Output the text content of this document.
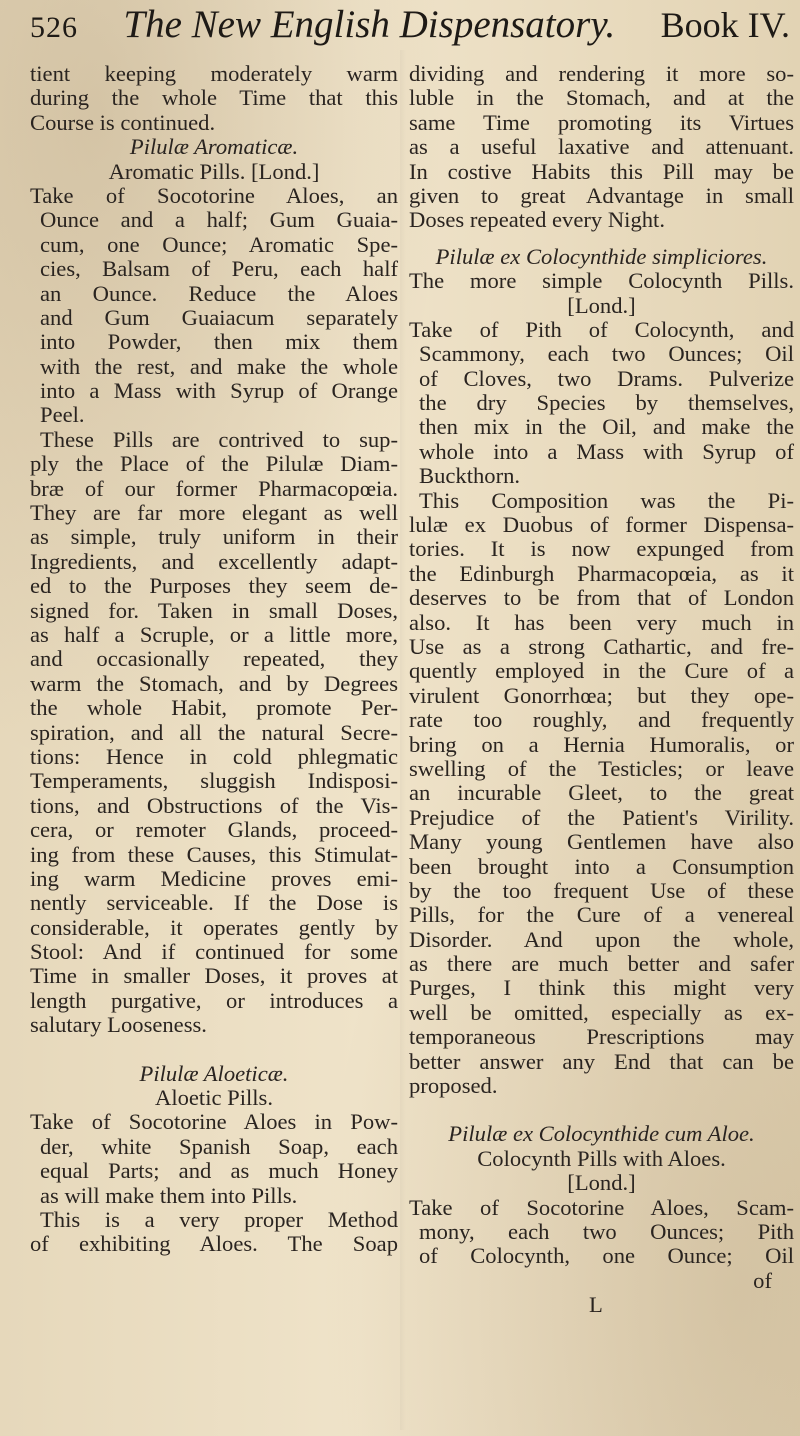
526	The New English Dispensatory.	Book IV.
tient keeping moderately warm
during the whole Time that this
Course is continued.
Pilulæ Aromaticæ.
Aromatic Pills. [Lond.]
Take of Socotorine Aloes, an
Ounce and a half; Gum Guaia-
cum, one Ounce; Aromatic Spe-
cies, Balsam of Peru, each half
an Ounce. Reduce the Aloes
and Gum Guaiacum separately
into Powder, then mix them
with the rest, and make the whole
into a Mass with Syrup of Orange
Peel.
These Pills are contrived to sup-
ply the Place of the Pilulæ Diam-
bræ of our former Pharmacopœia.
They are far more elegant as well
as simple, truly uniform in their
Ingredients, and excellently adapt-
ed to the Purposes they seem de-
signed for. Taken in small Doses,
as half a Scruple, or a little more,
and occasionally repeated, they
warm the Stomach, and by Degrees
the whole Habit, promote Per-
spiration, and all the natural Secre-
tions: Hence in cold phlegmatic
Temperaments, sluggish Indisposi-
tions, and Obstructions of the Vis-
cera, or remoter Glands, proceed-
ing from these Causes, this Stimulat-
ing warm Medicine proves emi-
nently serviceable. If the Dose is
considerable, it operates gently by
Stool: And if continued for some
Time in smaller Doses, it proves at
length purgative, or introduces a
salutary Looseness.
Pilulæ Aloeticæ.
Aloetic Pills.
Take of Socotorine Aloes in Pow-
der, white Spanish Soap, each
equal Parts; and as much Honey
as will make them into Pills.
This is a very proper Method
of exhibiting Aloes. The Soap
dividing and rendering it more so-
luble in the Stomach, and at the
same Time promoting its Virtues
as a useful laxative and attenuant.
In costive Habits this Pill may be
given to great Advantage in small
Doses repeated every Night.
Pilulæ ex Colocynthide simpliciores.
The more simple Colocynth Pills.
[Lond.]
Take of Pith of Colocynth, and
Scammony, each two Ounces; Oil
of Cloves, two Drams. Pulverize
the dry Species by themselves,
then mix in the Oil, and make the
whole into a Mass with Syrup of
Buckthorn.
This Composition was the Pi-
lulæ ex Duobus of former Dispensa-
tories. It is now expunged from
the Edinburgh Pharmacopœia, as it
deserves to be from that of London
also. It has been very much in
Use as a strong Cathartic, and fre-
quently employed in the Cure of a
virulent Gonorrhœa; but they ope-
rate too roughly, and frequently
bring on a Hernia Humoralis, or
swelling of the Testicles; or leave
an incurable Gleet, to the great
Prejudice of the Patient's Virility.
Many young Gentlemen have also
been brought into a Consumption
by the too frequent Use of these
Pills, for the Cure of a venereal
Disorder. And upon the whole,
as there are much better and safer
Purges, I think this might very
well be omitted, especially as ex-
temporaneous Prescriptions may
better answer any End that can be
proposed.
Pilulæ ex Colocynthide cum Aloe.
Colocynth Pills with Aloes.
[Lond.]
Take of Socotorine Aloes, Scam-
mony, each two Ounces; Pith
of Colocynth, one Ounce; Oil
of
L
